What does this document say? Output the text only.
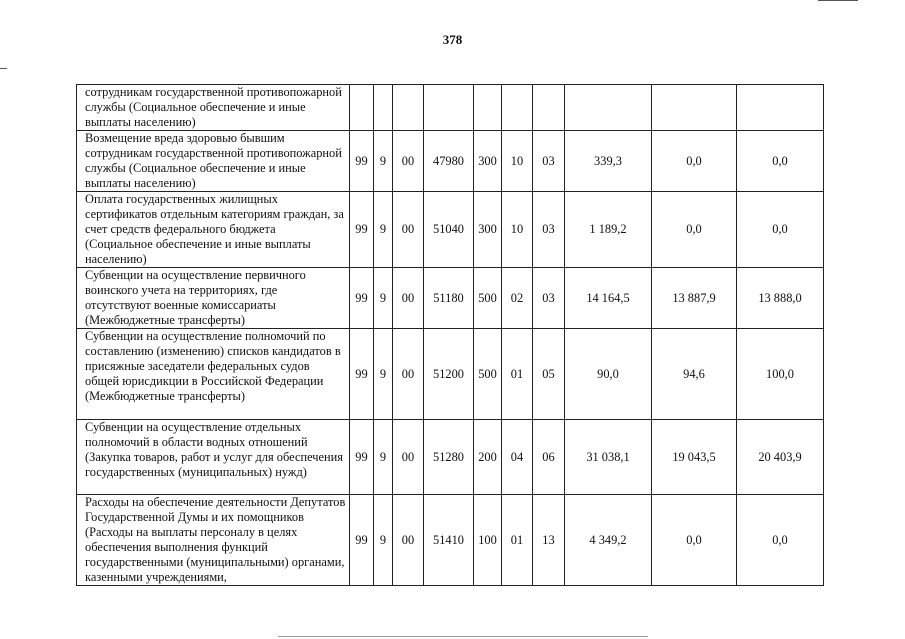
378
сотрудникам государственной противопожарной службы (Социальное обеспечение и иные выплаты населению)										
Возмещение вреда здоровью бывшим сотрудникам государственной противопожарной службы (Социальное обеспечение и иные выплаты населению)	99	9	00	47980	300	10	03	339,3	0,0	0,0
Оплата государственных жилищных сертификатов отдельным категориям граждан, за счет средств федерального бюджета (Социальное обеспечение и иные выплаты населению)	99	9	00	51040	300	10	03	1 189,2	0,0	0,0
Субвенции на осуществление первичного воинского учета на территориях, где отсутствуют военные комиссариаты (Межбюджетные трансферты)	99	9	00	51180	500	02	03	14 164,5	13 887,9	13 888,0
Субвенции на осуществление полномочий по составлению (изменению) списков кандидатов в присяжные заседатели федеральных судов общей юрисдикции в Российской Федерации (Межбюджетные трансферты)	99	9	00	51200	500	01	05	90,0	94,6	100,0
Субвенции на осуществление отдельных полномочий в области водных отношений (Закупка товаров, работ и услуг для обеспечения государственных (муниципальных) нужд)	99	9	00	51280	200	04	06	31 038,1	19 043,5	20 403,9
Расходы на обеспечение деятельности Депутатов Государственной Думы и их помощников (Расходы на выплаты персоналу в целях обеспечения выполнения функций государственными (муниципальными) органами, казенными учреждениями,	99	9	00	51410	100	01	13	4 349,2	0,0	0,0
